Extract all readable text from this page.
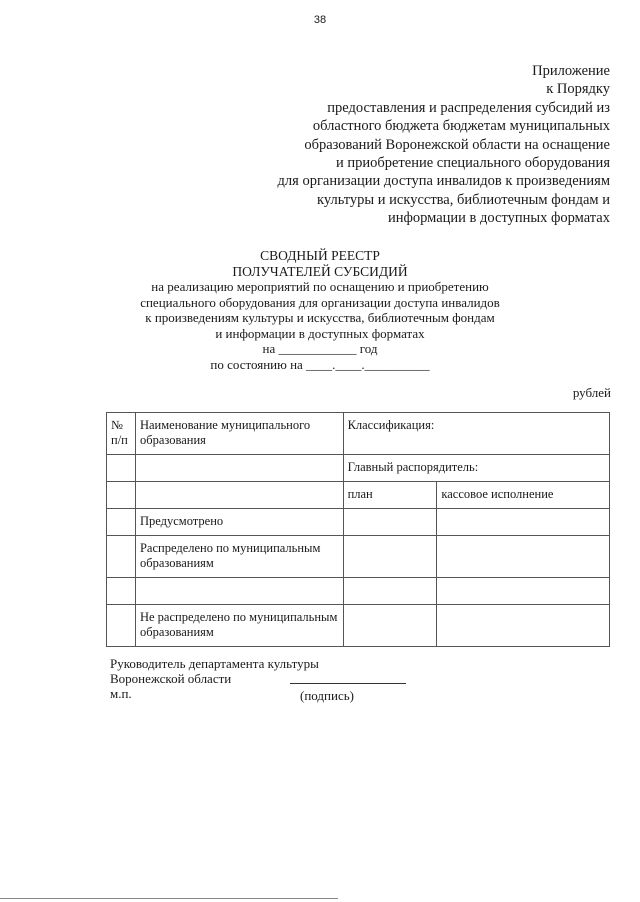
38
Приложение
к Порядку
предоставления и распределения субсидий из
областного бюджета бюджетам муниципальных
образований Воронежской области на оснащение
и приобретение специального оборудования
для организации доступа инвалидов к произведениям
культуры и искусства, библиотечным фондам и
информации в доступных форматах
СВОДНЫЙ РЕЕСТР
ПОЛУЧАТЕЛЕЙ СУБСИДИЙ
на реализацию мероприятий по оснащению и приобретению
специального оборудования для организации доступа инвалидов
к произведениям культуры и искусства, библиотечным фондам
и информации в доступных форматах
на ____________ год
по состоянию на ____.____.__________
рублей
№ п/п	Наименование муниципального образования	Классификация:	
		Главный распорядитель:	
		план	кассовое исполнение
	Предусмотрено		
	Распределено по муниципальным образованиям		

	Не распределено по муниципальным образованиям		
Руководитель департамента культуры
Воронежской области
м.п.	(подпись)
